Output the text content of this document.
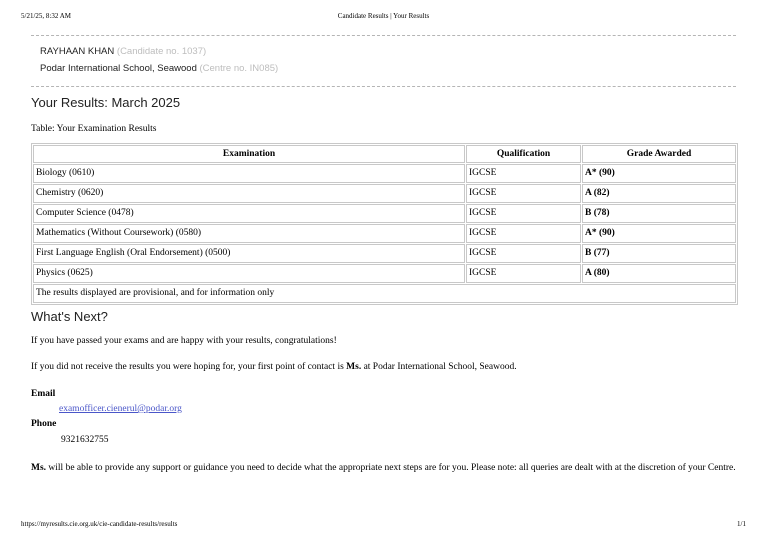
5/21/25, 8:32 AM	Candidate Results | Your Results
RAYHAAN KHAN (Candidate no. 1037)
Podar International School, Seawood (Centre no. IN085)
Your Results: March 2025
Table: Your Examination Results
Examination	Qualification	Grade Awarded
Biology (0610)	IGCSE	A* (90)
Chemistry (0620)	IGCSE	A (82)
Computer Science (0478)	IGCSE	B (78)
Mathematics (Without Coursework) (0580)	IGCSE	A* (90)
First Language English (Oral Endorsement) (0500)	IGCSE	B (77)
Physics (0625)	IGCSE	A (80)
The results displayed are provisional, and for information only		
What's Next?
If you have passed your exams and are happy with your results, congratulations!
If you did not receive the results you were hoping for, your first point of contact is Ms. at Podar International School, Seawood.
Email
examofficer.cienerul@podar.org
Phone
9321632755
Ms. will be able to provide any support or guidance you need to decide what the appropriate next steps are for you. Please note: all queries are dealt with at the discretion of your Centre.
https://myresults.cie.org.uk/cie-candidate-results/results	1/1
